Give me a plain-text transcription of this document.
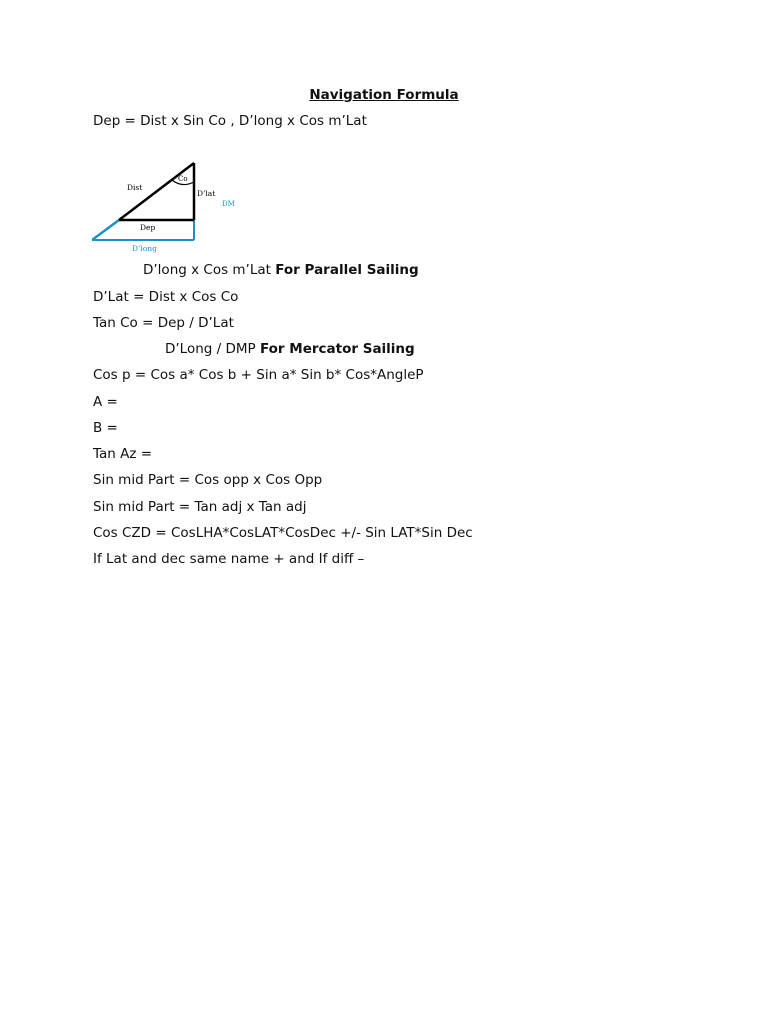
Navigation Formula
Dep = Dist x Sin Co , D’long x Cos m’Lat
Dist
Co
D’lat
DM
Dep
D’long
D’long x Cos m’Lat For Parallel Sailing
D’Lat = Dist x Cos Co
Tan Co = Dep / D’Lat
D’Long / DMP For Mercator Sailing
Cos p = Cos a* Cos b + Sin a* Sin b* Cos*AngleP
A =
B =
Tan Az =
Sin mid Part = Cos opp x Cos Opp
Sin mid Part = Tan adj x Tan adj
Cos CZD = CosLHA*CosLAT*CosDec +/- Sin LAT*Sin Dec
If Lat and dec same name + and If diff –
